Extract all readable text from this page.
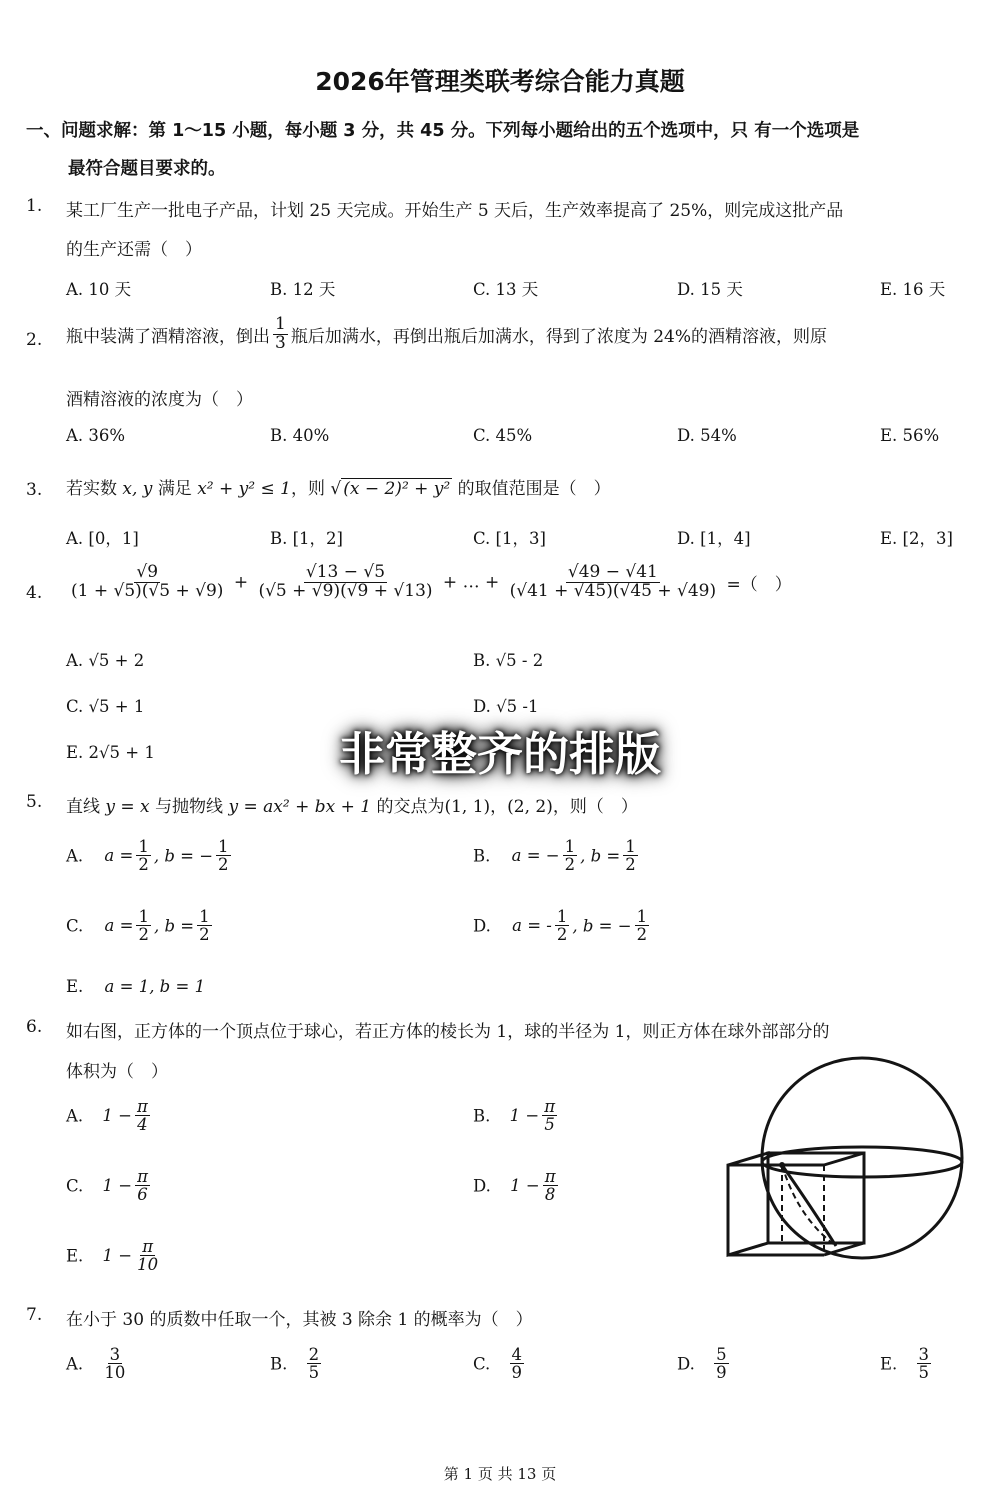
2026年管理类联考综合能力真题
一、问题求解：第 1～15 小题，每小题 3 分，共 45 分。下列每小题给出的五个选项中，只 有一个选项是
最符合题目要求的。
1. 某工厂生产一批电子产品，计划 25 天完成。开始生产 5 天后，生产效率提高了 25%，则完成这批产品
的生产还需（　）
A. 10 天	B. 12 天	C. 13 天	D. 15 天	E. 16 天
2. 瓶中装满了酒精溶液，倒出 $\frac{1}{3}$ 瓶后加满水，再倒出瓶后加满水，得到了浓度为 24%的酒精溶液，则原
酒精溶液的浓度为（　）
A. 36%	B. 40%	C. 45%	D. 54%	E. 56%
3. 若实数 x, y 满足 x² + y² ≤ 1，则 √ (x − 2)² + y² 的取值范围是（　）
A. [0，1]	B. [1，2]	C. [1，3]	D. [1，4]	E. [2，3]
4. $\frac{√9}{(1 + √5)(√5 + √9)} + \frac{√13 - √5}{(√5 + √9)(√9 + √13)}$ + … + $\frac{√49 - √41}{(√41 + √45)(√45 + √49)}$ =（　）
A. √5 + 2	B. √5 - 2
C. √5 + 1	D. √5 -1
E. 2√5 + 1	非常整齐的排版
5. 直线 y = x 与抛物线 y = ax² + bx + 1 的交点为(1, 1)，(2, 2)，则（　）
A. $a = \frac{1}{2}$ , b = − $\frac{1}{2}$	B. a = − $\frac{1}{2}$ , $b = \frac{1}{2}$
C. $a = \frac{1}{2}$ , $b = \frac{1}{2}$	D. a = - $\frac{1}{2}$ , b = − $\frac{1}{2}$
E. a = 1, b = 1
6. 如右图，正方体的一个顶点位于球心，若正方体的棱长为 1，球的半径为 1，则正方体在球外部部分的
体积为（　）
A. $1 - \frac{\pi}{4}$	B. $1 - \frac{\pi}{5}$
C. $1 - \frac{\pi}{6}$	D. $1 - \frac{\pi}{8}$
E. $1 - \frac{\pi}{10}$
7. 在小于 30 的质数中任取一个，其被 3 除余 1 的概率为（　）
A. $\frac{3}{10}$	B. $\frac{2}{5}$	C. $\frac{4}{9}$	D. $\frac{5}{9}$	E. $\frac{3}{5}$
第 1 页 共 13 页
